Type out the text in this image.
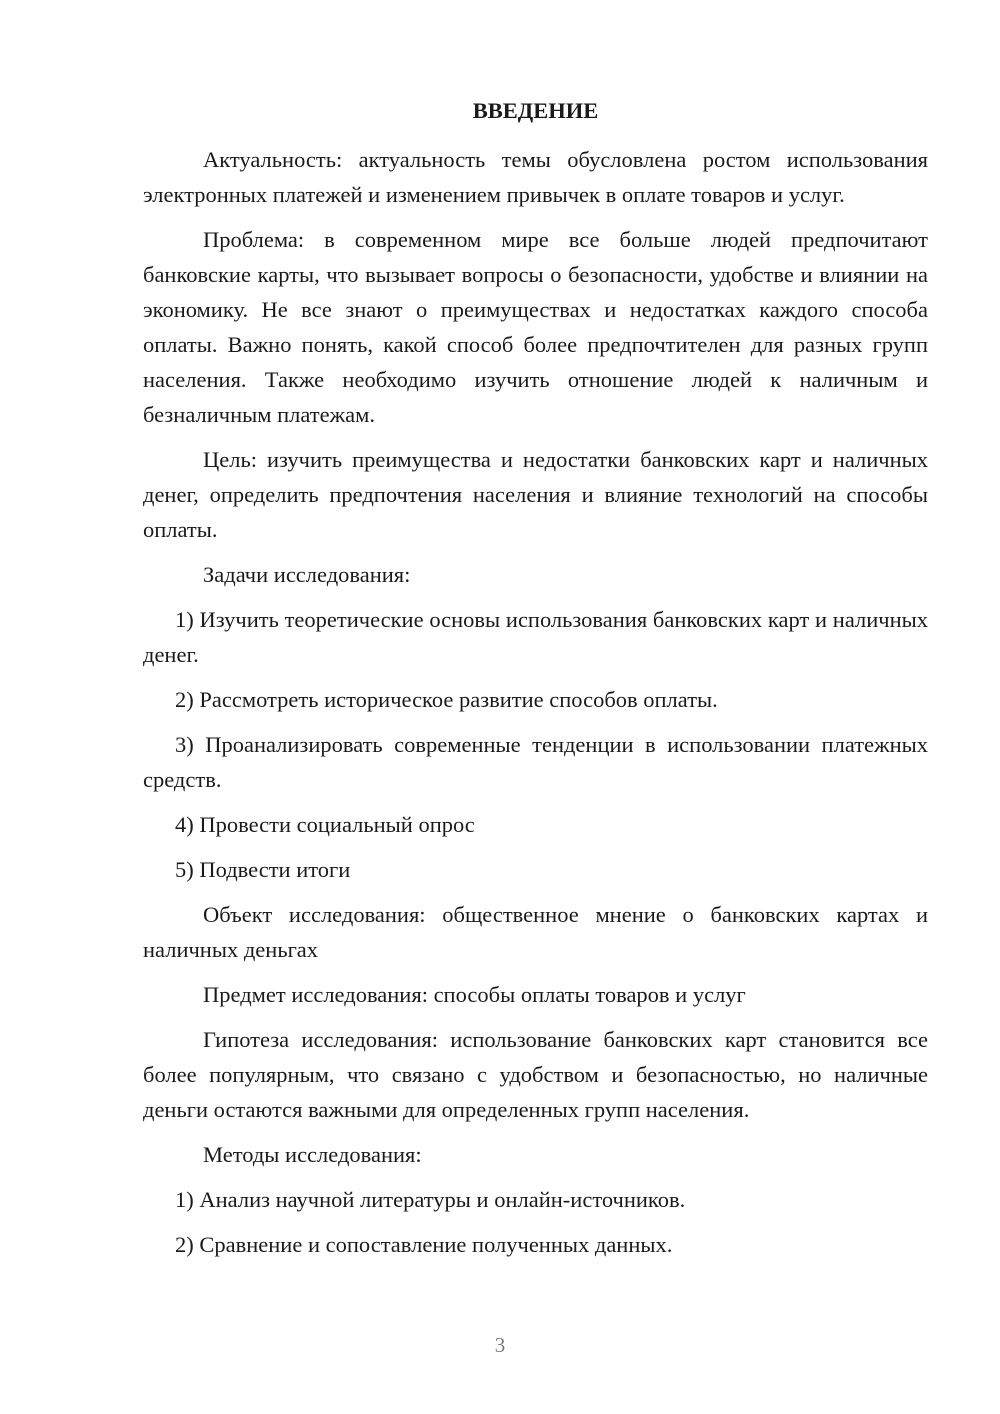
ВВЕДЕНИЕ

Актуальность: актуальность темы обусловлена ростом использования электронных платежей и изменением привычек в оплате товаров и услуг.

Проблема: в современном мире все больше людей предпочитают банковские карты, что вызывает вопросы о безопасности, удобстве и влиянии на экономику. Не все знают о преимуществах и недостатках каждого способа оплаты. Важно понять, какой способ более предпочтителен для разных групп населения. Также необходимо изучить отношение людей к наличным и безналичным платежам.

Цель: изучить преимущества и недостатки банковских карт и наличных денег, определить предпочтения населения и влияние технологий на способы оплаты.

Задачи исследования:

1) Изучить теоретические основы использования банковских карт и наличных денег.

2) Рассмотреть историческое развитие способов оплаты.

3) Проанализировать современные тенденции в использовании платежных средств.

4) Провести социальный опрос

5) Подвести итоги

Объект исследования: общественное мнение о банковских картах и наличных деньгах

Предмет исследования: способы оплаты товаров и услуг

Гипотеза исследования: использование банковских карт становится все более популярным, что связано с удобством и безопасностью, но наличные деньги остаются важными для определенных групп населения.

Методы исследования:

1) Анализ научной литературы и онлайн-источников.

2) Сравнение и сопоставление полученных данных.

3
